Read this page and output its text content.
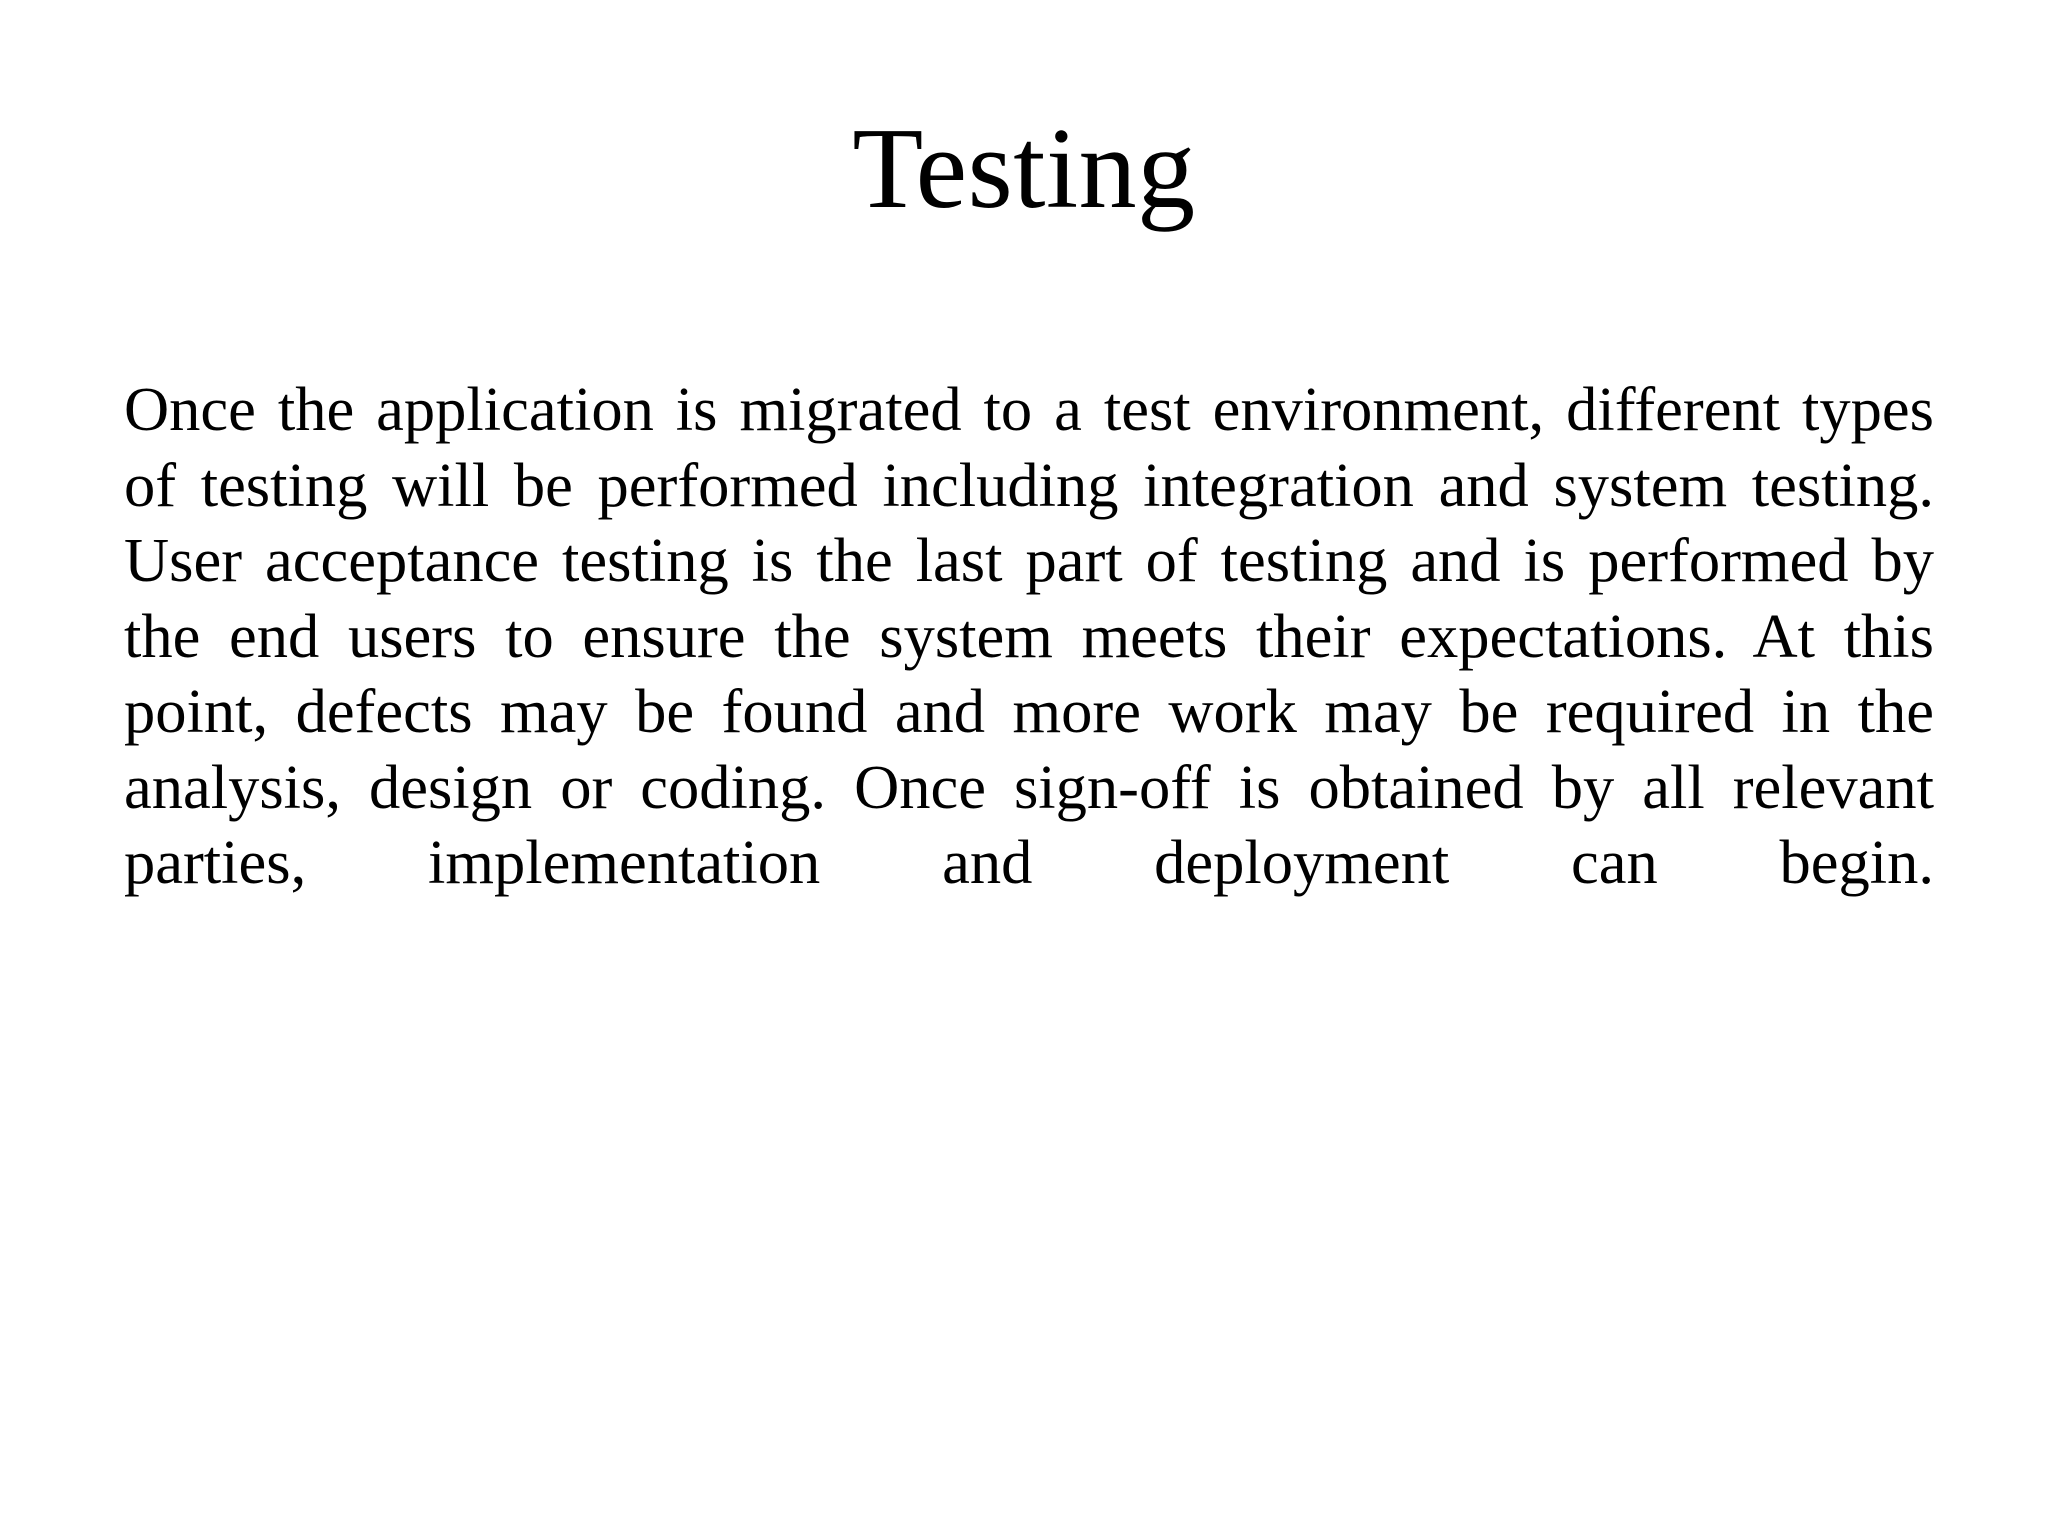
Testing

Once the application is migrated to a test environment, different types of testing will be performed including integration and system testing. User acceptance testing is the last part of testing and is performed by the end users to ensure the system meets their expectations. At this point, defects may be found and more work may be required in the analysis, design or coding. Once sign-off is obtained by all relevant parties, implementation and deployment can begin.
